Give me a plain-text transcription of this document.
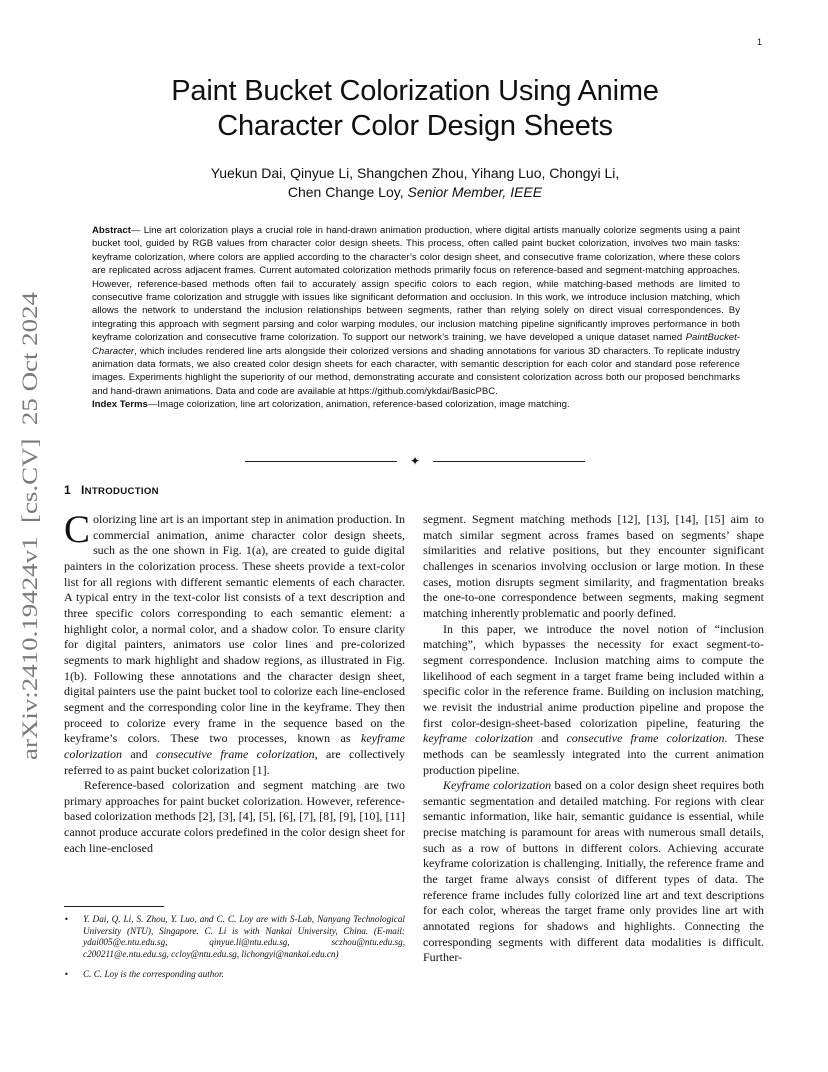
1
arXiv:2410.19424v1  [cs.CV]  25 Oct 2024
Paint Bucket Colorization Using Anime
Character Color Design Sheets
Yuekun Dai, Qinyue Li, Shangchen Zhou, Yihang Luo, Chongyi Li,
Chen Change Loy, Senior Member, IEEE

Abstract— Line art colorization plays a crucial role in hand-drawn animation production, where digital artists manually colorize segments using a paint bucket tool, guided by RGB values from character color design sheets. This process, often called paint bucket colorization, involves two main tasks: keyframe colorization, where colors are applied according to the character’s color design sheet, and consecutive frame colorization, where these colors are replicated across adjacent frames. Current automated colorization methods primarily focus on reference-based and segment-matching approaches. However, reference-based methods often fail to accurately assign specific colors to each region, while matching-based methods are limited to consecutive frame colorization and struggle with issues like significant deformation and occlusion. In this work, we introduce inclusion matching, which allows the network to understand the inclusion relationships between segments, rather than relying solely on direct visual correspondences. By integrating this approach with segment parsing and color warping modules, our inclusion matching pipeline significantly improves performance in both keyframe colorization and consecutive frame colorization. To support our network’s training, we have developed a unique dataset named PaintBucket-Character, which includes rendered line arts alongside their colorized versions and shading annotations for various 3D characters. To replicate industry animation data formats, we also created color design sheets for each character, with semantic description for each color and standard pose reference images. Experiments highlight the superiority of our method, demonstrating accurate and consistent colorization across both our proposed benchmarks and hand-drawn animations. Data and code are available at https://github.com/ykdai/BasicPBC.

Index Terms—Image colorization, line art colorization, animation, reference-based colorization, image matching.

✦
1 INTRODUCTION

Colorizing line art is an important step in animation production. In commercial animation, anime character color design sheets, such as the one shown in Fig. 1(a), are created to guide digital painters in the colorization process. These sheets provide a text-color list for all regions with different semantic elements of each character. A typical entry in the text-color list consists of a text description and three specific colors corresponding to each semantic element: a highlight color, a normal color, and a shadow color. To ensure clarity for digital painters, animators use color lines and pre-colorized segments to mark highlight and shadow regions, as illustrated in Fig. 1(b). Following these annotations and the character design sheet, digital painters use the paint bucket tool to colorize each line-enclosed segment and the corresponding color line in the keyframe. They then proceed to colorize every frame in the sequence based on the keyframe’s colors. These two processes, known as keyframe colorization and consecutive frame colorization, are collectively referred to as paint bucket colorization [1].

Reference-based colorization and segment matching are two primary approaches for paint bucket colorization. However, reference-based colorization methods [2], [3], [4], [5], [6], [7], [8], [9], [10], [11] cannot produce accurate colors predefined in the color design sheet for each line-enclosed

segment. Segment matching methods [12], [13], [14], [15] aim to match similar segment across frames based on segments’ shape similarities and relative positions, but they encounter significant challenges in scenarios involving occlusion or large motion. In these cases, motion disrupts segment similarity, and fragmentation breaks the one-to-one correspondence between segments, making segment matching inherently problematic and poorly defined.

In this paper, we introduce the novel notion of “inclusion matching”, which bypasses the necessity for exact segment-to-segment correspondence. Inclusion matching aims to compute the likelihood of each segment in a target frame being included within a specific color in the reference frame. Building on inclusion matching, we revisit the industrial anime production pipeline and propose the first color-design-sheet-based colorization pipeline, featuring the keyframe colorization and consecutive frame colorization. These methods can be seamlessly integrated into the current animation production pipeline.

Keyframe colorization based on a color design sheet requires both semantic segmentation and detailed matching. For regions with clear semantic information, like hair, semantic guidance is essential, while precise matching is paramount for areas with numerous small details, such as a row of buttons in different colors. Achieving accurate keyframe colorization is challenging. Initially, the reference frame and the target frame always consist of different types of data. The reference frame includes fully colorized line art and text descriptions for each color, whereas the target frame only provides line art with annotated regions for shadows and highlights. Connecting the corresponding segments with different data modalities is difficult. Further-

• Y. Dai, Q. Li, S. Zhou, Y. Luo, and C. C. Loy are with S-Lab, Nanyang Technological University (NTU), Singapore. C. Li is with Nankai University, China. (E-mail: ydai005@e.ntu.edu.sg, qinyue.li@ntu.edu.sg, sczhou@ntu.edu.sg, c200211@e.ntu.edu.sg, ccloy@ntu.edu.sg, lichongyi@nankai.edu.cn)
• C. C. Loy is the corresponding author.
